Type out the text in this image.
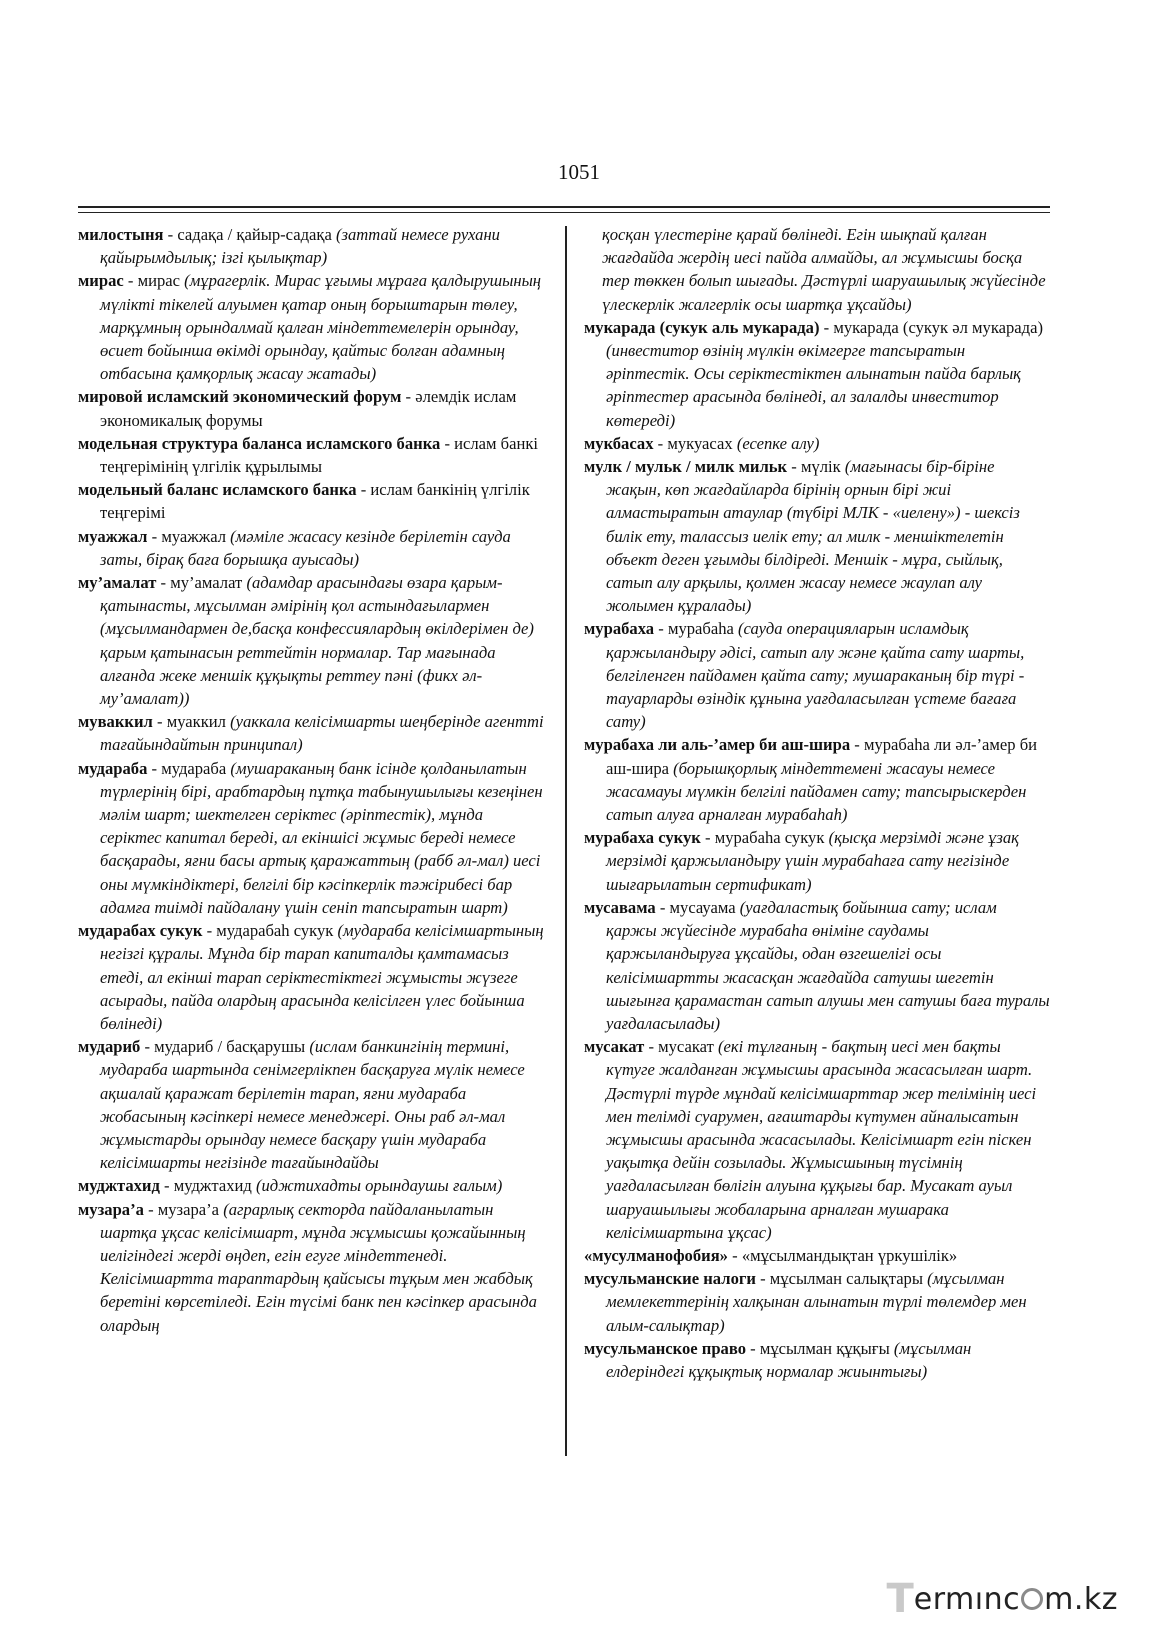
1051

милостыня - садақа / қайыр-садақа (заттай немесе рухани қайырымдылық; ізгі қылықтар)

мирас - мирас (мұрагерлік. Мирас ұғымы мұраға қалдырушының мүлікті тікелей алуымен қатар оның борыштарын төлеу, марқұмның орындалмай қалған міндеттемелерін орындау, өсиет бойынша өкімді орындау, қайтыс болған адамның отбасына қамқорлық жасау жатады)

мировой исламский экономический форум - әлемдік ислам экономикалық форумы

модельная структура баланса исламского банка - ислам банкі теңгерімінің үлгілік құрылымы

модельный баланс исламского банка - ислам банкінің үлгілік теңгерімі

муажжал - муажжал (мәміле жасасу кезінде берілетін сауда заты, бірақ баға борышқа ауысады)

му’амалат - му’амалат (адамдар арасындағы өзара қарым-қатынасты, мұсылман әмірінің қол астындағылармен (мұсылмандармен де,басқа конфессиялардың өкілдерімен де) қарым қатынасын реттейтін нормалар. Тар мағынада алғанда жеке меншік құқықты реттеу пәні (фикх әл-му’амалат))

муваккил - муаккил (уаккала келісімшарты шеңберінде агентті тағайындайтын принципал)

мудараба - мудараба (мушараканың банк ісінде қолданылатын түрлерінің бірі, арабтардың пұтқа табынушылығы кезеңінен мәлім шарт; шектелген серіктес (әріптестік), мұнда серіктес капитал береді, ал екіншісі жұмыс береді немесе басқарады, яғни басы артық қаражаттың (рабб әл-мал) иесі оны мүмкіндіктері, белгілі бір кәсіпкерлік тәжірибесі бар адамға тиімді пайдалану үшін сеніп тапсыратын шарт)

мударабах сукук - мударабаһ сукук (мудараба келісімшартының негізгі құралы. Мұнда бір тарап капиталды қамтамасыз етеді, ал екінші тарап серіктестіктегі жұмысты жүзеге асырады, пайда олардың арасында келісілген үлес бойынша бөлінеді)

мудариб - мудариб / басқарушы (ислам банкингінің термині, мудараба шартында сенімгерлікпен басқаруға мүлік немесе ақшалай қаражат берілетін тарап, яғни мудараба жобасының кәсіпкері немесе менеджері. Оны раб әл-мал жұмыстарды орындау немесе басқару үшін мудараба келісімшарты негізінде тағайындайды

муджтахид - муджтахид (иджтихадты орындаушы ғалым)

музара’а - музара’а (аграрлық секторда пайдаланылатын шартқа ұқсас келісімшарт, мұнда жұмысшы қожайынның иелігіндегі жерді өңдеп, егін егуге міндеттенеді. Келісімшартта тараптардың қайсысы тұқым мен жабдық беретіні көрсетіледі. Егін түсімі банк пен кәсіпкер арасында олардың

қосқан үлестеріне қарай бөлінеді. Егін шықпай қалған жағдайда жердің иесі пайда алмайды, ал жұмысшы босқа тер төккен болып шығады. Дәстүрлі шаруашылық жүйесінде үлескерлік жалгерлік осы шартқа ұқсайды)

мукарада (сукук аль мукарада) - мукарада (сукук әл мукарада) (инвеститор өзінің мүлкін өкімгерге тапсыратын әріптестік. Осы серіктестіктен алынатын пайда барлық әріптестер арасында бөлінеді, ал залалды инвеститор көтереді)

мукбасах - мукуасах (есепке алу)

мулк / мульк / милк мильк - мүлік (мағынасы бір-біріне жақын, көп жағдайларда бірінің орнын бірі жиі алмастыратын атаулар (түбірі МЛК - «иелену») - шексіз билік ету, талассыз иелік ету; ал милк - меншіктелетін объект деген ұғымды білдіреді. Меншік - мұра, сыйлық, сатып алу арқылы, қолмен жасау немесе жаулап алу жолымен құралады)

мурабаха - мурабаһа (сауда операцияларын исламдық қаржыландыру әдісі, сатып алу және қайта сату шарты, белгіленген пайдамен қайта сату; мушараканың бір түрі - тауарларды өзіндік құнына уағдаласылған үстеме бағаға сату)

мурабаха ли аль-’амер би аш-шира - мурабаһа ли әл-’амер би аш-шира (борышқорлық міндеттемені жасауы немесе жасамауы мүмкін белгілі пайдамен сату; тапсырыскерден сатып алуға арналған мурабаһаһ)

мурабаха сукук - мурабаһа сукук (қысқа мерзімді және ұзақ мерзімді қаржыландыру үшін мурабаһаға сату негізінде шығарылатын сертификат)

мусавама - мусауама (уағдаластық бойынша сату; ислам қаржы жүйесінде мурабаһа өніміне саудамы қаржыландыруға ұқсайды, одан өзгешелігі осы келісімшартты жасасқан жағдайда сатушы шегетін шығынға қарамастан сатып алушы мен сатушы баға туралы уағдаласылады)

мусакат - мусакат (екі тұлғаның - бақтың иесі мен бақты күтуге жалданған жұмысшы арасында жасасылған шарт. Дәстүрлі түрде мұндай келісімшарттар жер телімінің иесі мен телімді суарумен, ағаштарды күтумен айналысатын жұмысшы арасында жасасылады. Келісімшарт егін піскен уақытқа дейін созылады. Жұмысшының түсімнің уағдаласылған бөлігін алуына құқығы бар. Мусакат ауыл шаруашылығы жобаларына арналған мушарака келісімшартына ұқсас)

«мусулманофобия» - «мұсылмандықтан үркушілік»

мусульманские налоги - мұсылман салықтары (мұсылман мемлекеттерінің халқынан алынатын түрлі төлемдер мен алым-салықтар)

мусульманское право - мұсылман құқығы (мұсылман елдеріндегі құқықтық нормалар жиынтығы)

T ermınc m.kz
